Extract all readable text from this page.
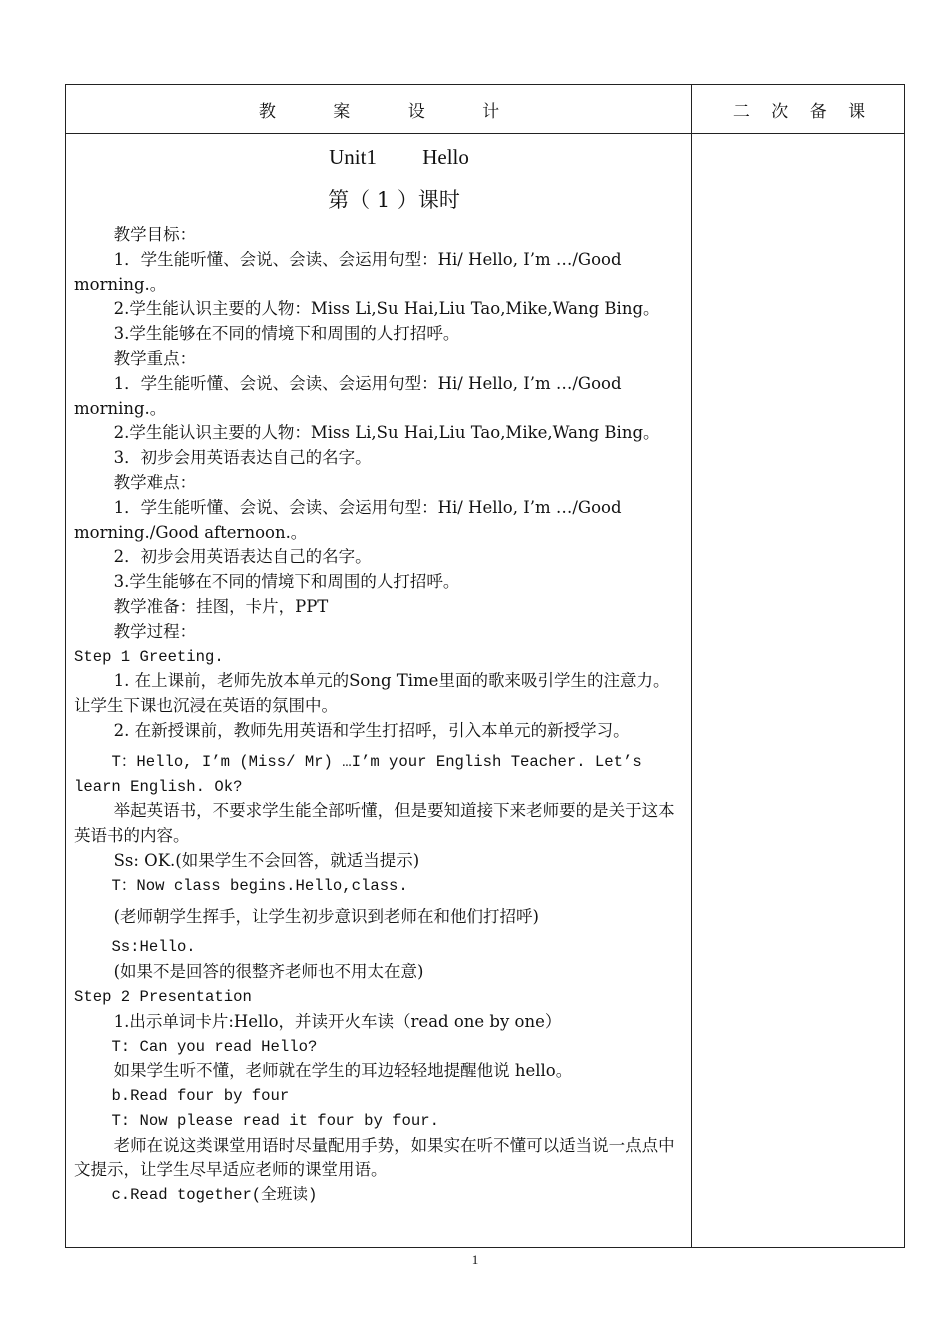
教 案 设 计	二 次 备 课
Unit1 Hello
第（ 1 ）课时

教学目标：

1．学生能听懂、会说、会读、会运用句型：Hi/ Hello, I’m …/Good morning.。

2.学生能认识主要的人物：Miss Li,Su Hai,Liu Tao,Mike,Wang Bing。

3.学生能够在不同的情境下和周围的人打招呼。

教学重点：

1．学生能听懂、会说、会读、会运用句型：Hi/ Hello, I’m …/Good morning.。

2.学生能认识主要的人物：Miss Li,Su Hai,Liu Tao,Mike,Wang Bing。

3．初步会用英语表达自己的名字。

教学难点：

1．学生能听懂、会说、会读、会运用句型：Hi/ Hello, I’m …/Good morning./Good afternoon.。

2．初步会用英语表达自己的名字。

3.学生能够在不同的情境下和周围的人打招呼。

教学准备：挂图，卡片，PPT

教学过程：

Step 1 Greeting.

1. 在上课前，老师先放本单元的Song Time里面的歌来吸引学生的注意力。让学生下课也沉浸在英语的氛围中。

2. 在新授课前，教师先用英语和学生打招呼，引入本单元的新授学习。

T：Hello, I’m (Miss/ Mr) …I’m your English Teacher. Let’s learn English. Ok?

举起英语书，不要求学生能全部听懂，但是要知道接下来老师要的是关于这本英语书的内容。

Ss: OK.(如果学生不会回答，就适当提示)

T：Now class begins.Hello,class.

(老师朝学生挥手，让学生初步意识到老师在和他们打招呼)

Ss:Hello.

(如果不是回答的很整齐老师也不用太在意)

Step 2 Presentation

1.出示单词卡片:Hello，并读开火车读（read one by one）

T: Can you read Hello?

如果学生听不懂，老师就在学生的耳边轻轻地提醒他说 hello。

b.Read four by four

T: Now please read it four by four.

老师在说这类课堂用语时尽量配用手势，如果实在听不懂可以适当说一点点中文提示，让学生尽早适应老师的课堂用语。

c.Read together(全班读)

1
